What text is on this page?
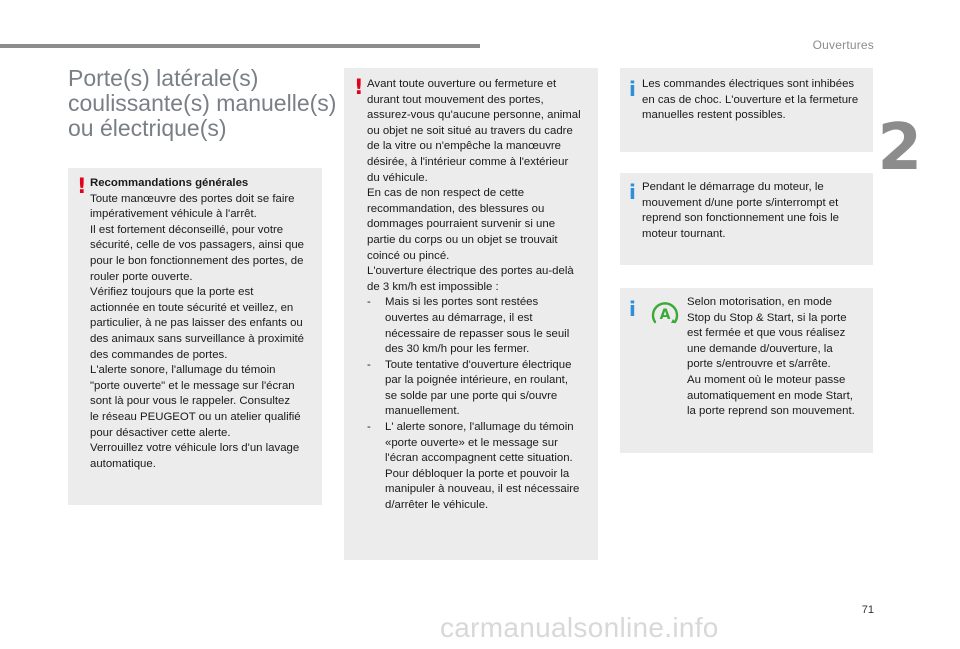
Ouvertures
2
Porte(s) latérale(s)
coulissante(s) manuelle(s)
ou électrique(s)
! Recommandations générales

Toute manœuvre des portes doit se faire

impérativement véhicule à l'arrêt.

Il est fortement déconseillé, pour votre

sécurité, celle de vos passagers, ainsi que

pour le bon fonctionnement des portes, de

rouler porte ouverte.

Vérifiez toujours que la porte est

actionnée en toute sécurité et veillez, en

particulier, à ne pas laisser des enfants ou

des animaux sans surveillance à proximité

des commandes de portes.

L'alerte sonore, l'allumage du témoin

"porte ouverte" et le message sur l'écran

sont là pour vous le rappeler. Consultez

le réseau PEUGEOT ou un atelier qualifié

pour désactiver cette alerte.

Verrouillez votre véhicule lors d'un lavage

automatique.

! Avant toute ouverture ou fermeture et

durant tout mouvement des portes,

assurez-vous qu'aucune personne, animal

ou objet ne soit situé au travers du cadre

de la vitre ou n'empêche la manœuvre

désirée, à l'intérieur comme à l'extérieur

du véhicule.

En cas de non respect de cette

recommandation, des blessures ou

dommages pourraient survenir si une

partie du corps ou un objet se trouvait

coincé ou pincé.

L'ouverture électrique des portes au-delà

de 3 km/h est impossible :

- Mais si les portes sont restées

ouvertes au démarrage, il est

nécessaire de repasser sous le seuil

des 30 km/h pour les fermer.

- Toute tentative d'ouverture électrique

par la poignée intérieure, en roulant,

se solde par une porte qui s/ouvre

manuellement.

- L' alerte sonore, l'allumage du témoin

«porte ouverte» et le message sur

l'écran accompagnent cette situation.

Pour débloquer la porte et pouvoir la

manipuler à nouveau, il est nécessaire

d/arrêter le véhicule.

i Les commandes électriques sont inhibées

en cas de choc. L'ouverture et la fermeture

manuelles restent possibles.

i Pendant le démarrage du moteur, le

mouvement d/une porte s/interrompt et

reprend son fonctionnement une fois le

moteur tournant.

i A

Selon motorisation, en mode

Stop du Stop & Start, si la porte

est fermée et que vous réalisez

une demande d/ouverture, la

porte s/entrouvre et s/arrête.

Au moment où le moteur passe

automatiquement en mode Start,

la porte reprend son mouvement.

71
carmanualsonline.info
